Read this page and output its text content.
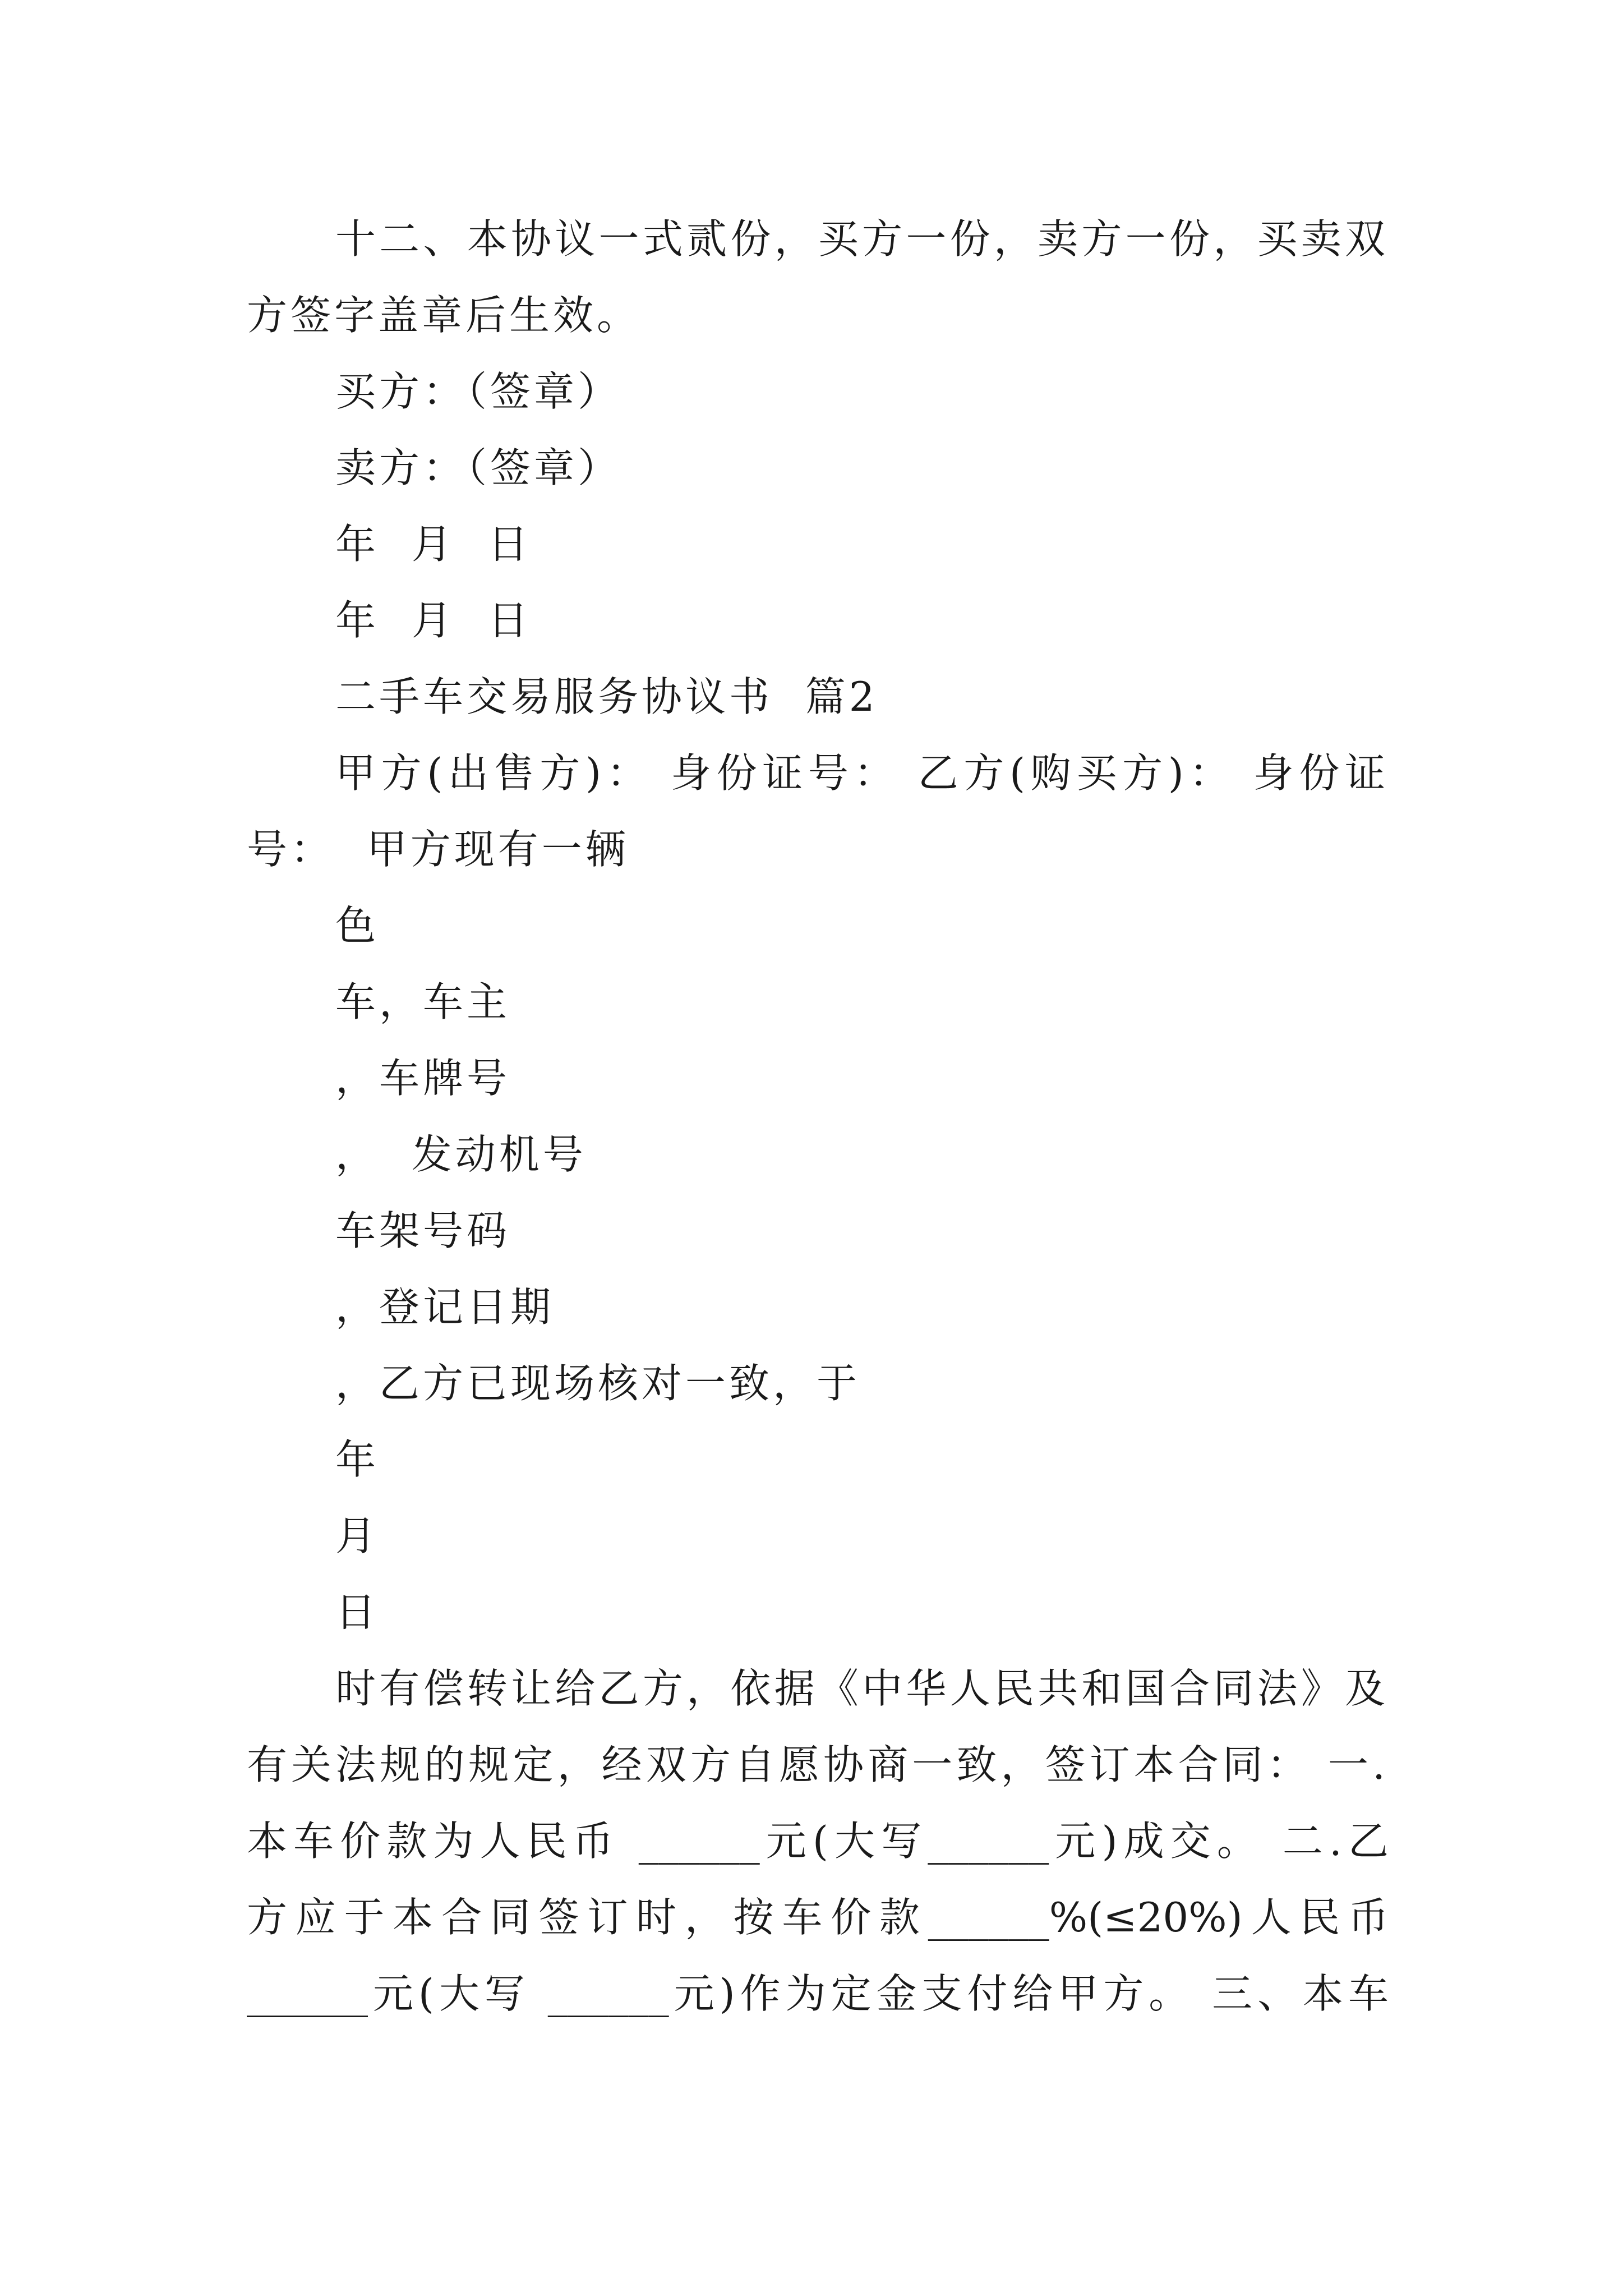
十二、本协议一式贰份，买方一份，卖方一份，买卖双
方签字盖章后生效。
买方：（签章）
卖方：（签章）
年  月  日
年  月  日
二手车交易服务协议书  篇2
甲方(出售方)： 身份证号： 乙方(购买方)： 身份证
号：  甲方现有一辆
色
车，车主
，车牌号
，  发动机号
车架号码
，登记日期
，乙方已现场核对一致，于
年
月
日
时有偿转让给乙方，依据《中华人民共和国合同法》及
有关法规的规定，经双方自愿协商一致，签订本合同： 一.
本车价款为人民币 ______元(大写______元)成交。 二.乙
方应于本合同签订时，按车价款______%(≤20%)人民币
______元(大写 ______元)作为定金支付给甲方。 三、本车
